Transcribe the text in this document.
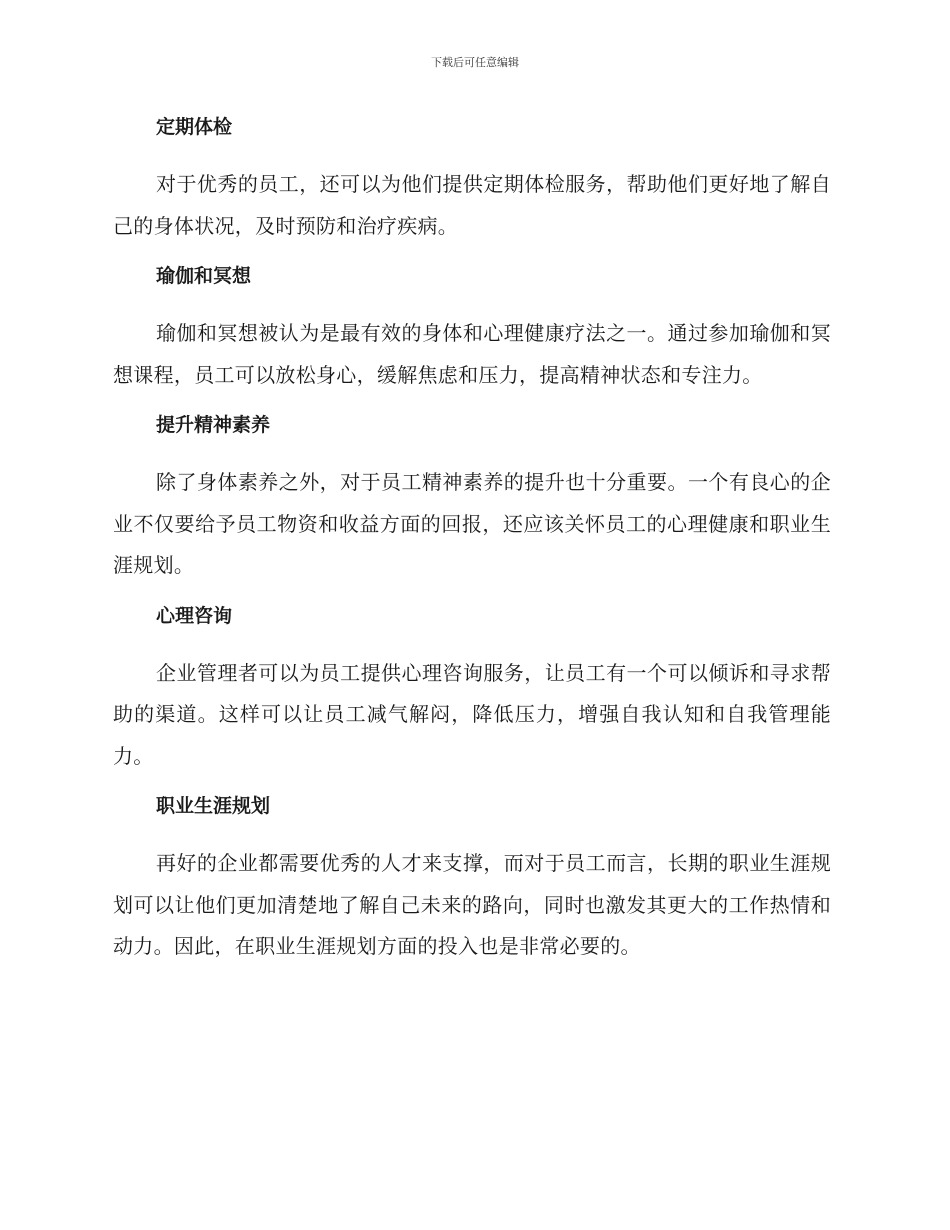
下载后可任意编辑
定期体检

对于优秀的员工，还可以为他们提供定期体检服务，帮助他们更好地了解自己的身体状况，及时预防和治疗疾病。

瑜伽和冥想

瑜伽和冥想被认为是最有效的身体和心理健康疗法之一。通过参加瑜伽和冥想课程，员工可以放松身心，缓解焦虑和压力，提高精神状态和专注力。

提升精神素养

除了身体素养之外，对于员工精神素养的提升也十分重要。一个有良心的企业不仅要给予员工物资和收益方面的回报，还应该关怀员工的心理健康和职业生涯规划。

心理咨询

企业管理者可以为员工提供心理咨询服务，让员工有一个可以倾诉和寻求帮助的渠道。这样可以让员工减气解闷，降低压力，增强自我认知和自我管理能力。

职业生涯规划

再好的企业都需要优秀的人才来支撑，而对于员工而言，长期的职业生涯规划可以让他们更加清楚地了解自己未来的路向，同时也激发其更大的工作热情和动力。因此，在职业生涯规划方面的投入也是非常必要的。
